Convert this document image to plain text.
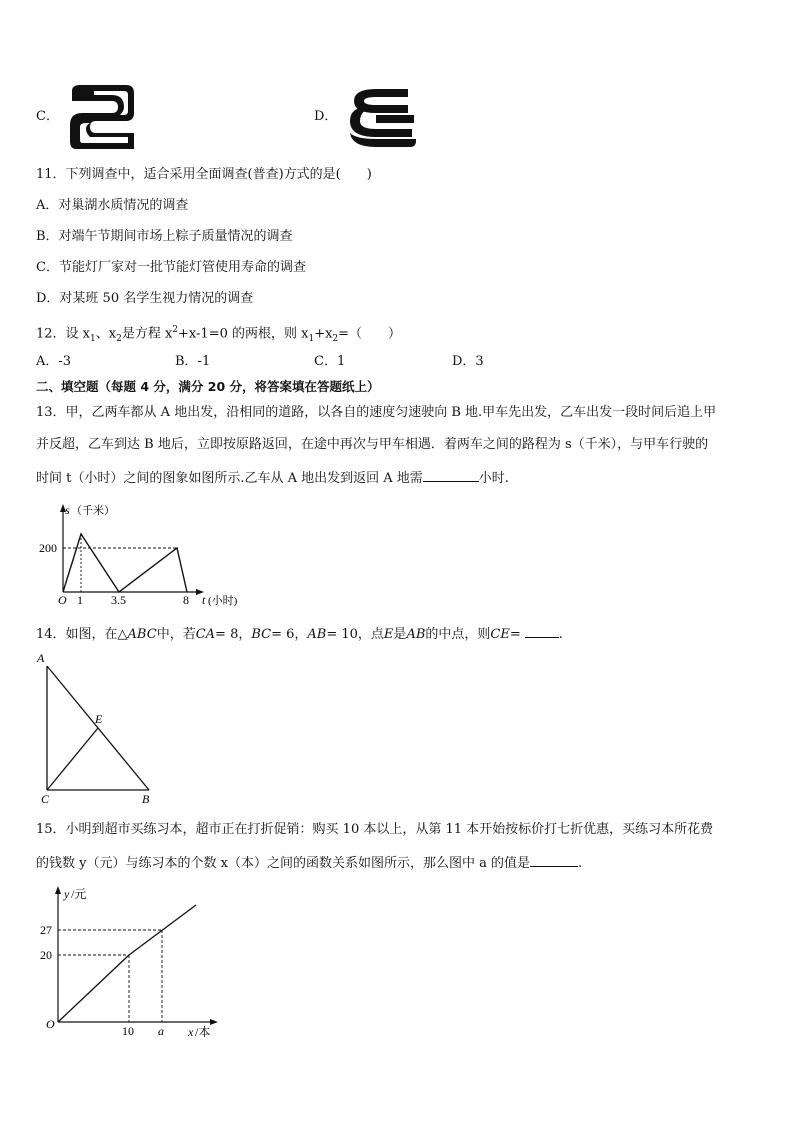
C．	D．
11．下列调查中，适合采用全面调查(普查)方式的是(　　)
A．对巢湖水质情况的调查
B．对端午节期间市场上粽子质量情况的调查
C．节能灯厂家对一批节能灯管使用寿命的调查
D．对某班 50 名学生视力情况的调查
12．设 $x_1$、$x_2$是方程 $x^2+x-1=0$ 的两根，则 $x_1+x_2=$（　　）
A．-3	B．-1	C．1	D．3
二、填空题（每题 4 分，满分 20 分，将答案填在答题纸上）
13．甲，乙两车都从 A 地出发，沿相同的道路，以各自的速度匀速驶向 B 地.甲车先出发，乙车出发一段时间后追上甲
并反超，乙车到达 B 地后，立即按原路返回，在途中再次与甲车相遇．着两车之间的路程为 s（千米），与甲车行驶的
时间 t（小时）之间的图象如图所示.乙车从 A 地出发到返回 A 地需	小时.
s （千米）
200
O 1 3.5	8 t (小时)
14．如图，在△ABC中，若CA= 8，BC= 6，AB= 10，点E是AB的中点，则CE=	.
A
E
C	B
15．小明到超市买练习本，超市正在打折促销：购买 10 本以上，从第 11 本开始按标价打七折优惠，买练习本所花费
的钱数 y（元）与练习本的个数 x（本）之间的函数关系如图所示，那么图中 a 的值是	.
y /元
27
20
O	10 a x /本
